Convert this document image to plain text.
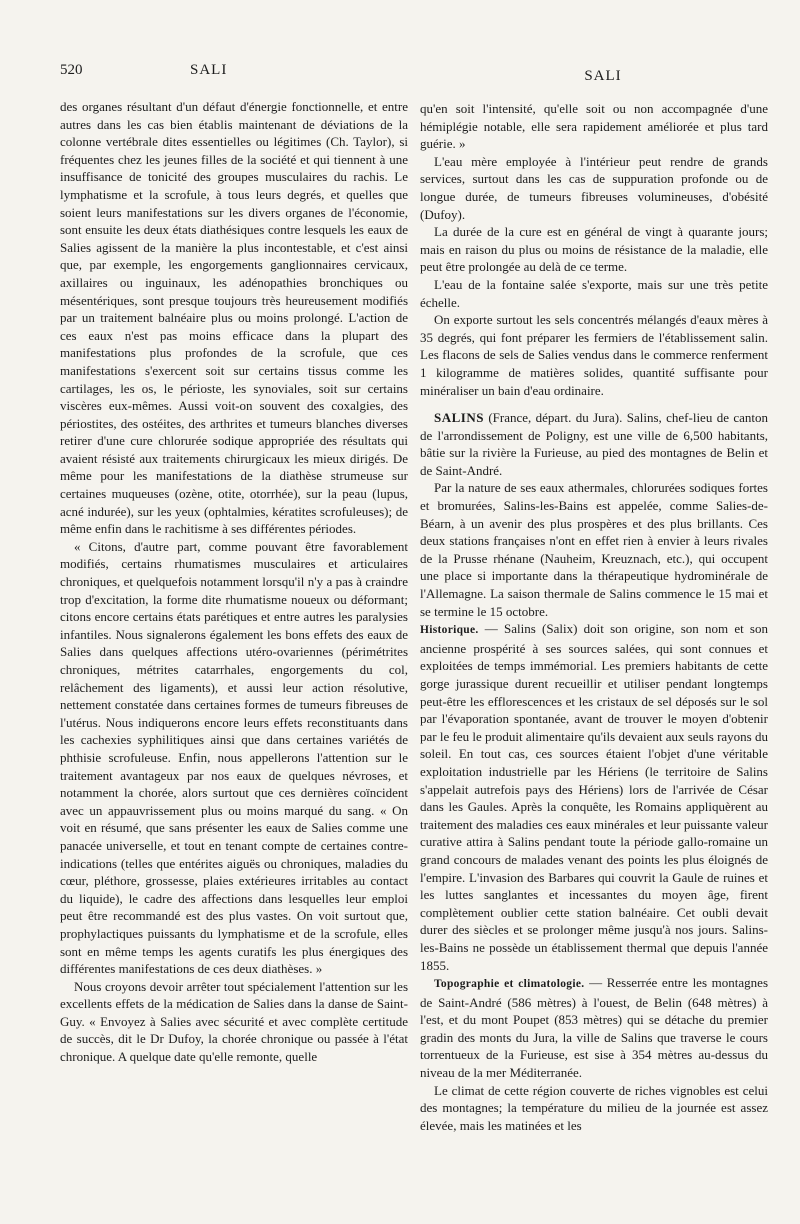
520	SALI	SALI

des organes résultant d'un défaut d'énergie fonctionnelle, et entre autres dans les cas bien établis maintenant de déviations de la colonne vertébrale dites essentielles ou légitimes (Ch. Taylor), si fréquentes chez les jeunes filles de la société et qui tiennent à une insuffisance de tonicité des groupes musculaires du rachis. Le lymphatisme et la scrofule, à tous leurs degrés, et quelles que soient leurs manifestations sur les divers organes de l'économie, sont ensuite les deux états diathésiques contre lesquels les eaux de Salies agissent de la manière la plus incontestable, et c'est ainsi que, par exemple, les engorgements ganglionnaires cervicaux, axillaires ou inguinaux, les adénopathies bronchiques ou mésentériques, sont presque toujours très heureusement modifiés par un traitement balnéaire plus ou moins prolongé. L'action de ces eaux n'est pas moins efficace dans la plupart des manifestations plus profondes de la scrofule, que ces manifestations s'exercent soit sur certains tissus comme les cartilages, les os, le périoste, les synoviales, soit sur certains viscères eux-mêmes. Aussi voit-on souvent des coxalgies, des périostites, des ostéites, des arthrites et tumeurs blanches diverses retirer d'une cure chlorurée sodique appropriée des résultats qui avaient résisté aux traitements chirurgicaux les mieux dirigés. De même pour les manifestations de la diathèse strumeuse sur certaines muqueuses (ozène, otite, otorrhée), sur la peau (lupus, acné indurée), sur les yeux (ophtalmies, kératites scrofuleuses); de même enfin dans le rachitisme à ses différentes périodes.

« Citons, d'autre part, comme pouvant être favorablement modifiés, certains rhumatismes musculaires et articulaires chroniques, et quelquefois notamment lorsqu'il n'y a pas à craindre trop d'excitation, la forme dite rhumatisme noueux ou déformant; citons encore certains états parétiques et entre autres les paralysies infantiles. Nous signalerons également les bons effets des eaux de Salies dans quelques affections utéro-ovariennes (périmétrites chroniques, métrites catarrhales, engorgements du col, relâchement des ligaments), et aussi leur action résolutive, nettement constatée dans certaines formes de tumeurs fibreuses de l'utérus. Nous indiquerons encore leurs effets reconstituants dans les cachexies syphilitiques ainsi que dans certaines variétés de phthisie scrofuleuse. Enfin, nous appellerons l'attention sur le traitement avantageux par nos eaux de quelques névroses, et notamment la chorée, alors surtout que ces dernières coïncident avec un appauvrissement plus ou moins marqué du sang. « On voit en résumé, que sans présenter les eaux de Salies comme une panacée universelle, et tout en tenant compte de certaines contre-indications (telles que entérites aiguës ou chroniques, maladies du cœur, pléthore, grossesse, plaies extérieures irritables au contact du liquide), le cadre des affections dans lesquelles leur emploi peut être recommandé est des plus vastes. On voit surtout que, prophylactiques puissants du lymphatisme et de la scrofule, elles sont en même temps les agents curatifs les plus énergiques des différentes manifestations de ces deux diathèses. »

Nous croyons devoir arrêter tout spécialement l'attention sur les excellents effets de la médication de Salies dans la danse de Saint-Guy. « Envoyez à Salies avec sécurité et avec complète certitude de succès, dit le Dr Dufoy, la chorée chronique ou passée à l'état chronique. A quelque date qu'elle remonte, quelle

qu'en soit l'intensité, qu'elle soit ou non accompagnée d'une hémiplégie notable, elle sera rapidement améliorée et plus tard guérie. »

L'eau mère employée à l'intérieur peut rendre de grands services, surtout dans les cas de suppuration profonde ou de longue durée, de tumeurs fibreuses volumineuses, d'obésité (Dufoy).

La durée de la cure est en général de vingt à quarante jours; mais en raison du plus ou moins de résistance de la maladie, elle peut être prolongée au delà de ce terme.

L'eau de la fontaine salée s'exporte, mais sur une très petite échelle.

On exporte surtout les sels concentrés mélangés d'eaux mères à 35 degrés, qui font préparer les fermiers de l'établissement salin. Les flacons de sels de Salies vendus dans le commerce renferment 1 kilogramme de matières solides, quantité suffisante pour minéraliser un bain d'eau ordinaire.

SALINS (France, départ. du Jura). Salins, chef-lieu de canton de l'arrondissement de Poligny, est une ville de 6,500 habitants, bâtie sur la rivière la Furieuse, au pied des montagnes de Belin et de Saint-André.

Par la nature de ses eaux athermales, chlorurées sodiques fortes et bromurées, Salins-les-Bains est appelée, comme Salies-de-Béarn, à un avenir des plus prospères et des plus brillants. Ces deux stations françaises n'ont en effet rien à envier à leurs rivales de la Prusse rhénane (Nauheim, Kreuznach, etc.), qui occupent une place si importante dans la thérapeutique hydrominérale de l'Allemagne. La saison thermale de Salins commence le 15 mai et se termine le 15 octobre.

Historique. — Salins (Salix) doit son origine, son nom et son ancienne prospérité à ses sources salées, qui sont connues et exploitées de temps immémorial. Les premiers habitants de cette gorge jurassique durent recueillir et utiliser pendant longtemps peut-être les efflorescences et les cristaux de sel déposés sur le sol par l'évaporation spontanée, avant de trouver le moyen d'obtenir par le feu le produit alimentaire qu'ils devaient aux seuls rayons du soleil. En tout cas, ces sources étaient l'objet d'une véritable exploitation industrielle par les Hériens (le territoire de Salins s'appelait autrefois pays des Hériens) lors de l'arrivée de César dans les Gaules. Après la conquête, les Romains appliquèrent au traitement des maladies ces eaux minérales et leur puissante valeur curative attira à Salins pendant toute la période gallo-romaine un grand concours de malades venant des points les plus éloignés de l'empire. L'invasion des Barbares qui couvrit la Gaule de ruines et les luttes sanglantes et incessantes du moyen âge, firent complètement oublier cette station balnéaire. Cet oubli devait durer des siècles et se prolonger même jusqu'à nos jours. Salins-les-Bains ne possède un établissement thermal que depuis l'année 1855.

Topographie et climatologie. — Resserrée entre les montagnes de Saint-André (586 mètres) à l'ouest, de Belin (648 mètres) à l'est, et du mont Poupet (853 mètres) qui se détache du premier gradin des monts du Jura, la ville de Salins que traverse le cours torrentueux de la Furieuse, est sise à 354 mètres au-dessus du niveau de la mer Méditerranée.

Le climat de cette région couverte de riches vignobles est celui des montagnes; la température du milieu de la journée est assez élevée, mais les matinées et les
